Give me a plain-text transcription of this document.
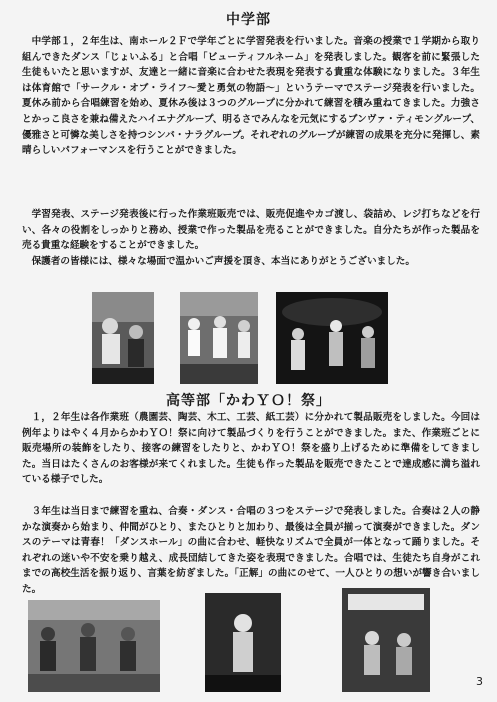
中学部

中学部１，２年生は、南ホール２Ｆで学年ごとに学習発表を行いました。音楽の授業で１学期から取り組んできたダンス「じょいふる」と合唱「ビューティフルネーム」を発表しました。観客を前に緊張した生徒もいたと思いますが、友達と一緒に音楽に合わせた表現を発表する貴重な体験になりました。３年生は体育館で「サークル・オブ・ライフ～愛と勇気の物語～」というテーマでステージ発表を行いました。夏休み前から合唱練習を始め、夏休み後は３つのグループに分かれて練習を積み重ねてきました。力強さとかっこ良さを兼ね備えたハイエナグループ、明るさでみんなを元気にするブンヴァ・ティモングループ、優雅さと可憐な美しさを持つシンバ・ナラグループ。それぞれのグループが練習の成果を充分に発揮し、素晴らしいパフォーマンスを行うことができました。

学習発表、ステージ発表後に行った作業班販売では、販売促進やカゴ渡し、袋詰め、レジ打ちなどを行い、各々の役割をしっかりと務め、授業で作った製品を売ることができました。自分たちが作った製品を売る貴重な経験をすることができました。

保護者の皆様には、様々な場面で温かいご声援を頂き、本当にありがとうございました。

高等部「かわＹＯ！祭」

１，２年生は各作業班（農園芸、陶芸、木工、工芸、紙工芸）に分かれて製品販売をしました。今回は例年よりはやく４月からかわＹＯ！祭に向けて製品づくりを行うことができました。また、作業班ごとに販売場所の装飾をしたり、接客の練習をしたりと、かわＹＯ！祭を盛り上げるために準備をしてきました。当日はたくさんのお客様が来てくれました。生徒も作った製品を販売できたことで達成感に満ち溢れている様子でした。

３年生は当日まで練習を重ね、合奏・ダンス・合唱の３つをステージで発表しました。合奏は２人の静かな演奏から始まり、仲間がひとり、またひとりと加わり、最後は全員が揃って演奏ができました。ダンスのテーマは青春！「ダンスホール」の曲に合わせ、軽快なリズムで全員が一体となって踊りました。それぞれの迷いや不安を乗り越え、成長団結してきた姿を表現できました。合唱では、生徒たち自身がこれまでの高校生活を振り返り、言葉を紡ぎました。「正解」の曲にのせて、一人ひとりの想いが響き合いました。

3
